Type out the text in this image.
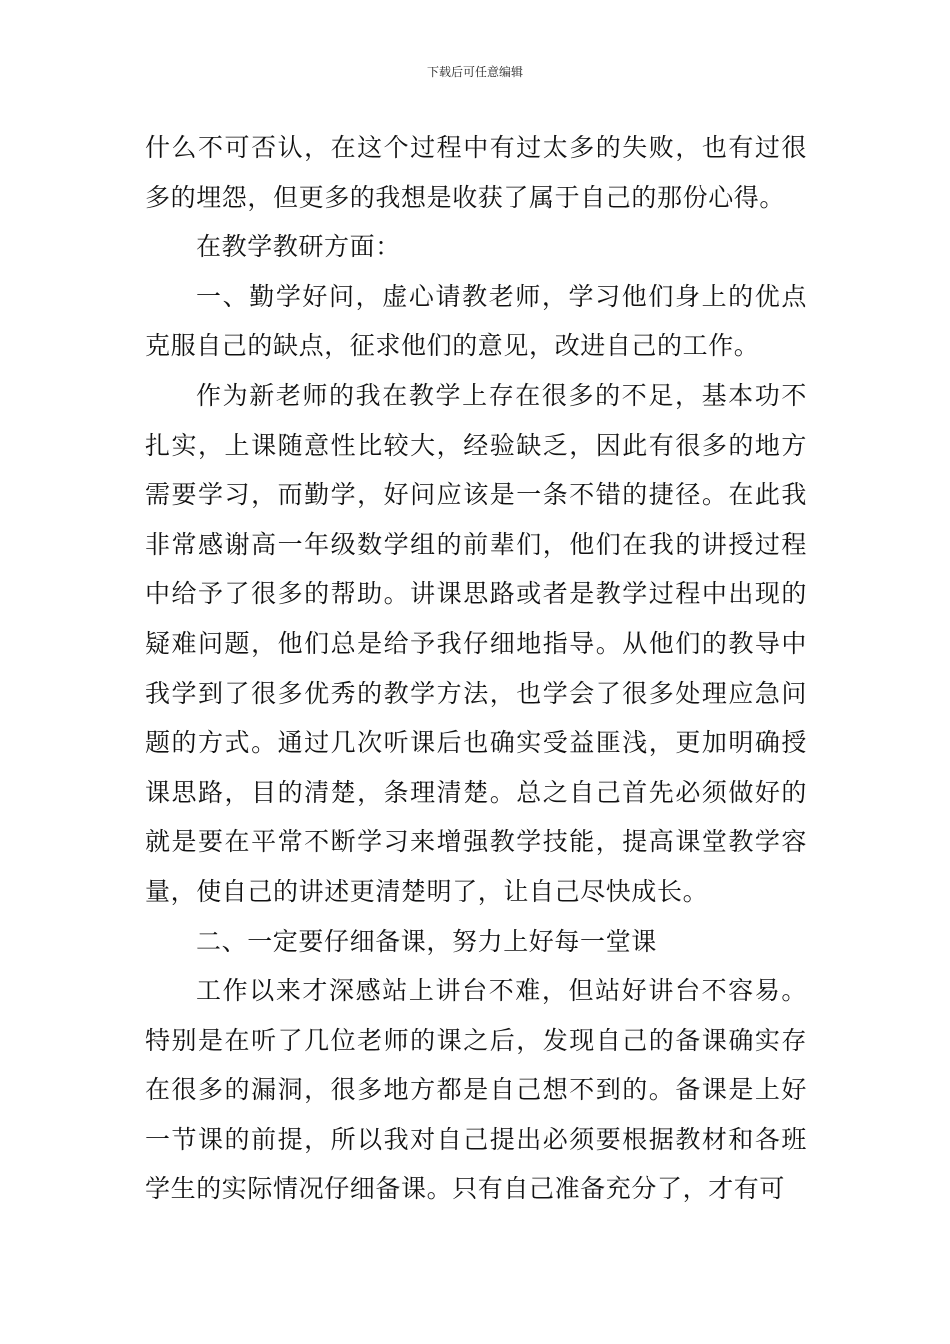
下载后可任意编辑

什么不可否认，在这个过程中有过太多的失败，也有过很多的埋怨，但更多的我想是收获了属于自己的那份心得。

在教学教研方面：

一、勤学好问，虚心请教老师，学习他们身上的优点克服自己的缺点，征求他们的意见，改进自己的工作。

作为新老师的我在教学上存在很多的不足，基本功不扎实，上课随意性比较大，经验缺乏，因此有很多的地方需要学习，而勤学，好问应该是一条不错的捷径。在此我非常感谢高一年级数学组的前辈们，他们在我的讲授过程中给予了很多的帮助。讲课思路或者是教学过程中出现的疑难问题，他们总是给予我仔细地指导。从他们的教导中我学到了很多优秀的教学方法，也学会了很多处理应急问题的方式。通过几次听课后也确实受益匪浅，更加明确授课思路，目的清楚，条理清楚。总之自己首先必须做好的就是要在平常不断学习来增强教学技能，提高课堂教学容量，使自己的讲述更清楚明了，让自己尽快成长。

二、一定要仔细备课，努力上好每一堂课

工作以来才深感站上讲台不难，但站好讲台不容易。特别是在听了几位老师的课之后，发现自己的备课确实存在很多的漏洞，很多地方都是自己想不到的。备课是上好一节课的前提，所以我对自己提出必须要根据教材和各班学生的实际情况仔细备课。只有自己准备充分了，才有可
